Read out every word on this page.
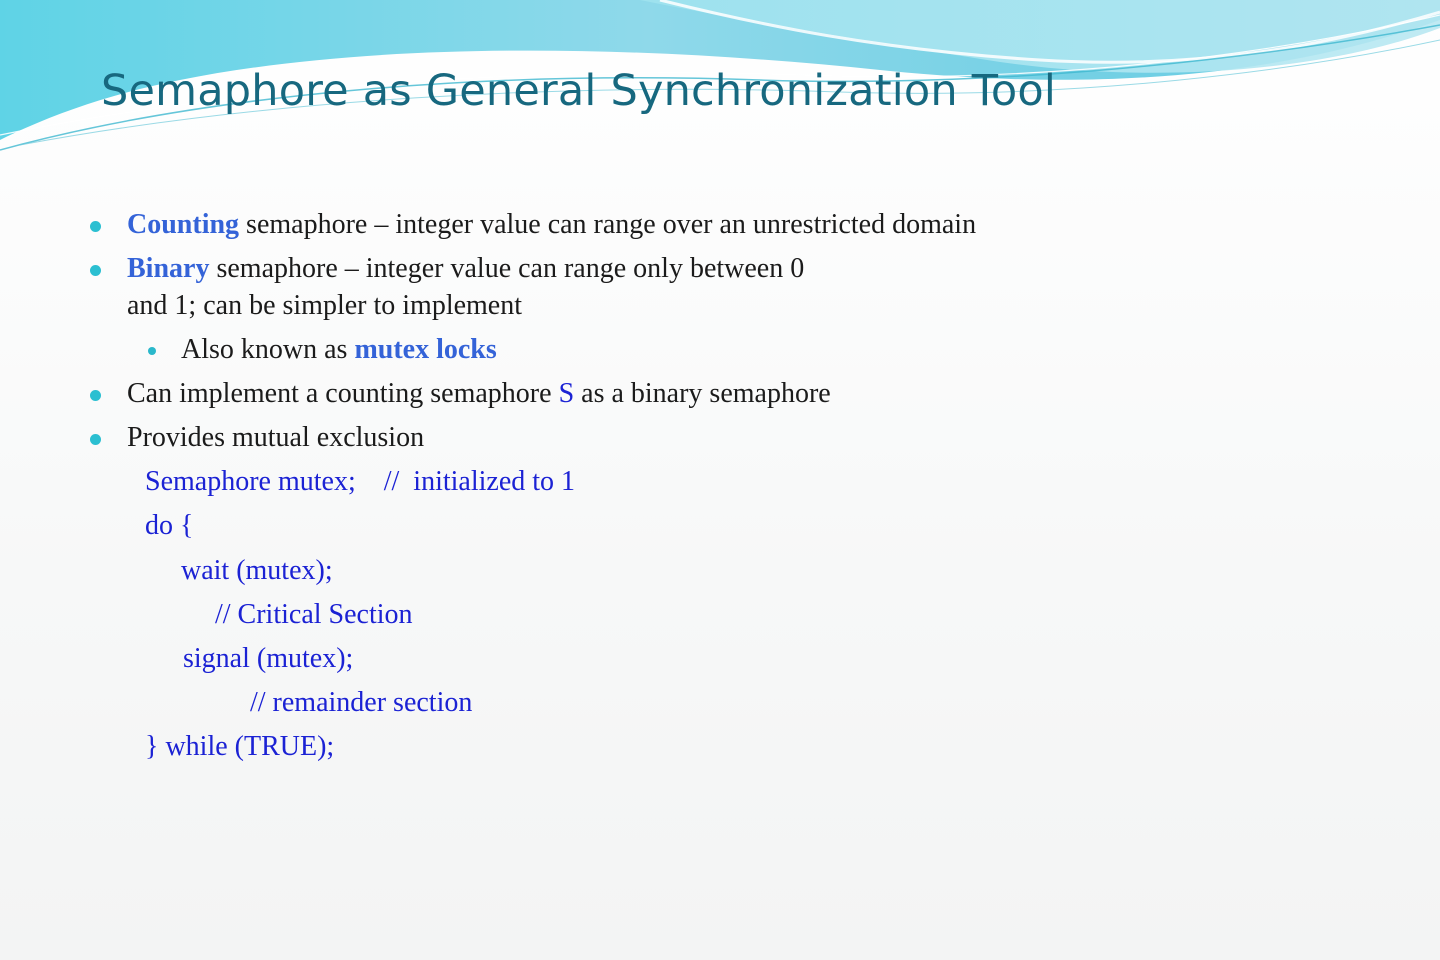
Semaphore as General Synchronization Tool
Counting semaphore – integer value can range over an unrestricted domain
Binary semaphore – integer value can range only between 0
and 1; can be simpler to implement
Also known as mutex locks
Can implement a counting semaphore S as a binary semaphore
Provides mutual exclusion
Semaphore mutex;    //  initialized to 1
do {
wait (mutex);
// Critical Section
signal (mutex);
// remainder section
} while (TRUE);
